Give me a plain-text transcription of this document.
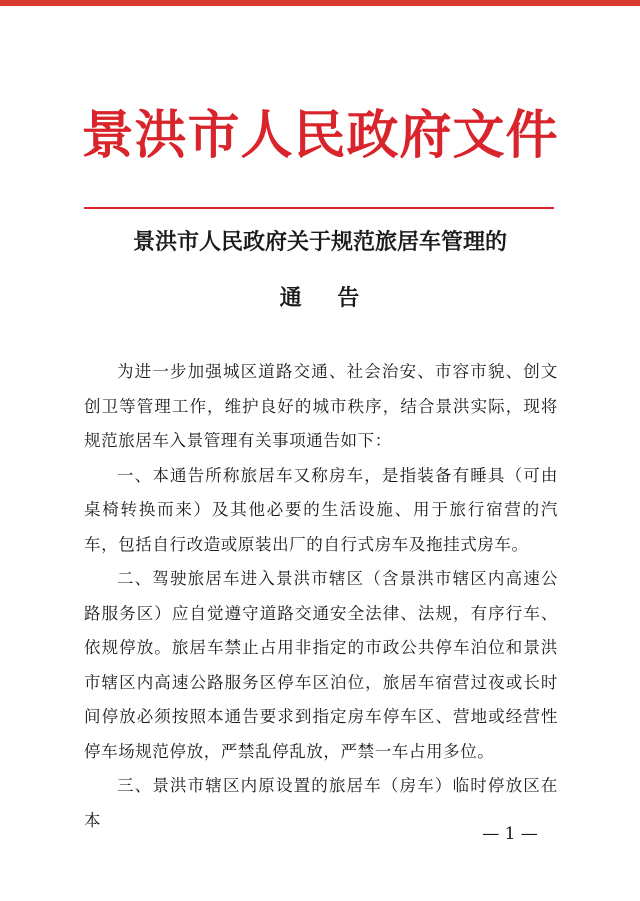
景洪市人民政府文件
景洪市人民政府关于规范旅居车管理的
通    告

为进一步加强城区道路交通、社会治安、市容市貌、创文创卫等管理工作，维护良好的城市秩序，结合景洪实际，现将规范旅居车入景管理有关事项通告如下：

一、本通告所称旅居车又称房车，是指装备有睡具（可由桌椅转换而来）及其他必要的生活设施、用于旅行宿营的汽车，包括自行改造或原装出厂的自行式房车及拖挂式房车。

二、驾驶旅居车进入景洪市辖区（含景洪市辖区内高速公路服务区）应自觉遵守道路交通安全法律、法规，有序行车、依规停放。旅居车禁止占用非指定的市政公共停车泊位和景洪市辖区内高速公路服务区停车区泊位，旅居车宿营过夜或长时间停放必须按照本通告要求到指定房车停车区、营地或经营性停车场规范停放，严禁乱停乱放，严禁一车占用多位。

三、景洪市辖区内原设置的旅居车（房车）临时停放区在本

— 1 —
